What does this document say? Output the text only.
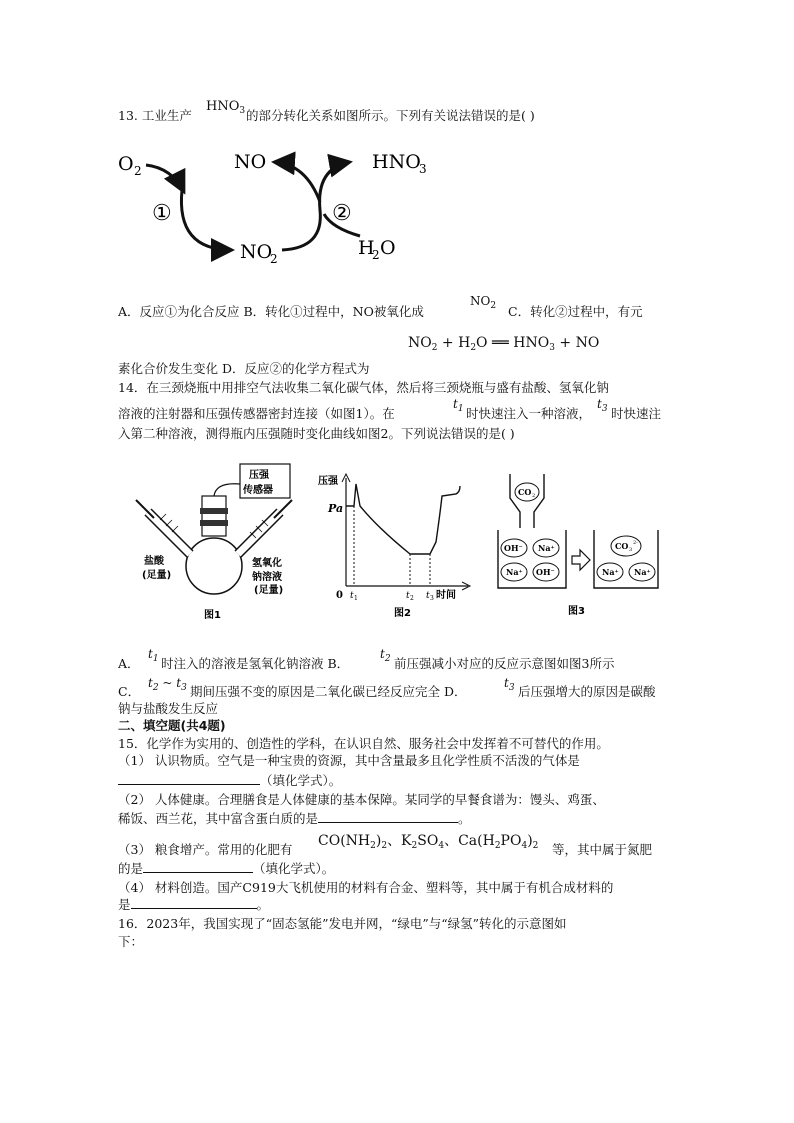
13. 工业生产
$HNO_3$ 的部分转化关系如图所示。下列有关说法错误的是( )
O 2	NO	HNO
3
NO
2	H
2 O
①	②
A．反应①为化合反应 B．转化①过程中，NO被氧化成
$NO_2$ C．转化②过程中，有元
$NO_2 + H_2O$ ══ $HNO_3$ + NO
素化合价发生变化 D．反应②的化学方程式为
14．在三颈烧瓶中用排空气法收集二氧化碳气体，然后将三颈烧瓶与盛有盐酸、氢氧化钠
溶液的注射器和压强传感器密封连接（如图1）。在
$t_1$ 时快速注入一种溶液，
$t_3$ 时快速注
入第二种溶液，测得瓶内压强随时变化曲线如图2。下列说法错误的是( )
压强
传感器
盐酸
(足量)
氢氧化
钠溶液
(足量)
图1
压强
Pa
0 t 1	t 2 t 3 时间
图2
CO 2
OH⁻ Na⁺
Na⁺ OH⁻
CO 3
2-
Na⁺ Na⁺
图3
A．
$t_1$ 时注入的溶液是氢氧化钠溶液 B．
$t_2$ 前压强减小对应的反应示意图如图3所示
C．
$t_2$ ~ $t_3$ 期间压强不变的原因是二氧化碳已经反应完全 D．
$t_3$ 后压强增大的原因是碳酸
钠与盐酸发生反应
二、填空题(共4题)
15．化学作为实用的、创造性的学科，在认识自然、服务社会中发挥着不可替代的作用。
（1） 认识物质。空气是一种宝贵的资源，其中含量最多且化学性质不活泼的气体是
（填化学式）。
（2） 人体健康。合理膳食是人体健康的基本保障。某同学的早餐食谱为：馒头、鸡蛋、
稀饭、西兰花，其中富含蛋白质的是	。
（3） 粮食增产。常用的化肥有
$CO(NH_2)_2$、$K_2SO_4$、$Ca(H_2PO_4)_2$ 等，其中属于氮肥
的是	（填化学式）。
（4） 材料创造。国产C919大飞机使用的材料有合金、塑料等，其中属于有机合成材料的
是	。
16．2023年，我国实现了“固态氢能”发电并网，“绿电”与“绿氢”转化的示意图如
下：
